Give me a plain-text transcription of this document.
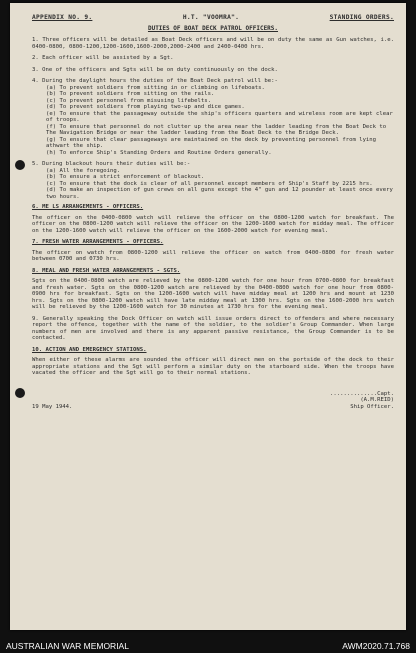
APPENDIX NO. 9.	H.T. "VOOMRA".	STANDING ORDERS.
DUTIES OF BOAT DECK PATROL OFFICERS.

1. Three officers will be detailed as Boat Deck officers and will be on duty the same as Gun watches, i.e. 0400-0800, 0800-1200,1200-1600,1600-2000,2000-2400 and 2400-0400 hrs.

2. Each officer will be assisted by a Sgt.

3. One of the officers and Sgts will be on duty continuously on the dock.

4. During the daylight hours the duties of the Boat Deck patrol will be:-
(a) To prevent soldiers from sitting in or climbing on lifeboats.
(b) To prevent soldiers from sitting on the rails.
(c) To prevent personnel from misusing lifebelts.
(d) To prevent soldiers from playing two-up and dice games.
(e) To ensure that the passageway outside the ship's officers quarters and wireless room are kept clear of troops.
(f) To ensure that personnel do not clutter up the area near the ladder leading from the Boat Deck to The Navigation Bridge or near the ladder leading from the Boat Deck to the Bridge Deck.
(g) To ensure that clear passageways are maintained on the deck by preventing personnel from lying athwart the ship.
(h) To enforce Ship's Standing Orders and Routine Orders generally.
5. During blackout hours their duties will be:-
(a) All the foregoing.
(b) To ensure a strict enforcement of blackout.
(c) To ensure that the dock is clear of all personnel except members of Ship's Staff by 2215 hrs.
(d) To make an inspection of gun crews on all guns except the 4" gun and 12 pounder at least once every two hours.
6. ME LS ARRANGEMENTS - OFFICERS.

The officer on the 0400-0800 watch will relieve the officer on the 0800-1200 watch for breakfast. The officer on the 0800-1200 watch will relieve the officer on the 1200-1600 watch for midday meal. The officer on the 1200-1600 watch will relieve the officer on the 1600-2000 watch for evening meal.

7. FRESH WATER ARRANGEMENTS - OFFICERS.

The officer on watch from 0800-1200 will relieve the officer on watch from 0400-0800 for fresh water between 0700 and 0730 hrs.

8. MEAL AND FRESH WATER ARRANGEMENTS - SGTS.

Sgts on the 0400-0800 watch are relieved by the 0800-1200 watch for one hour from 0700-0800 for breakfast and fresh water. Sgts on the 0800-1200 watch are relieved by the 0400-0800 watch for one hour from 0800-0900 hrs for breakfast. Sgts on the 1200-1600 watch will have midday meal at 1200 hrs and mount at 1230 hrs. Sgts on the 0800-1200 watch will have late midday meal at 1300 hrs. Sgts on the 1600-2000 hrs watch will be relieved by the 1200-1600 watch for 30 minutes at 1730 hrs for the evening meal.

9. Generally speaking the Dock Officer on watch will issue orders direct to offenders and where necessary report the offence, together with the name of the soldier, to the soldier's Group Commander. When large numbers of men are involved and there is any apparent passive resistance, the Group Commander is to be contacted.

10. ACTION AND EMERGENCY STATIONS.

When either of these alarms are sounded the officer will direct men on the portside of the dock to their appropriate stations and the Sgt will perform a similar duty on the starboard side. When the troops have vacated the officer and the Sgt will go to their normal stations.

19 May 1944.
..............Capt.
(A.M.REID)
Ship Officer.
AUSTRALIAN WAR MEMORIAL	AWM2020.71.768
